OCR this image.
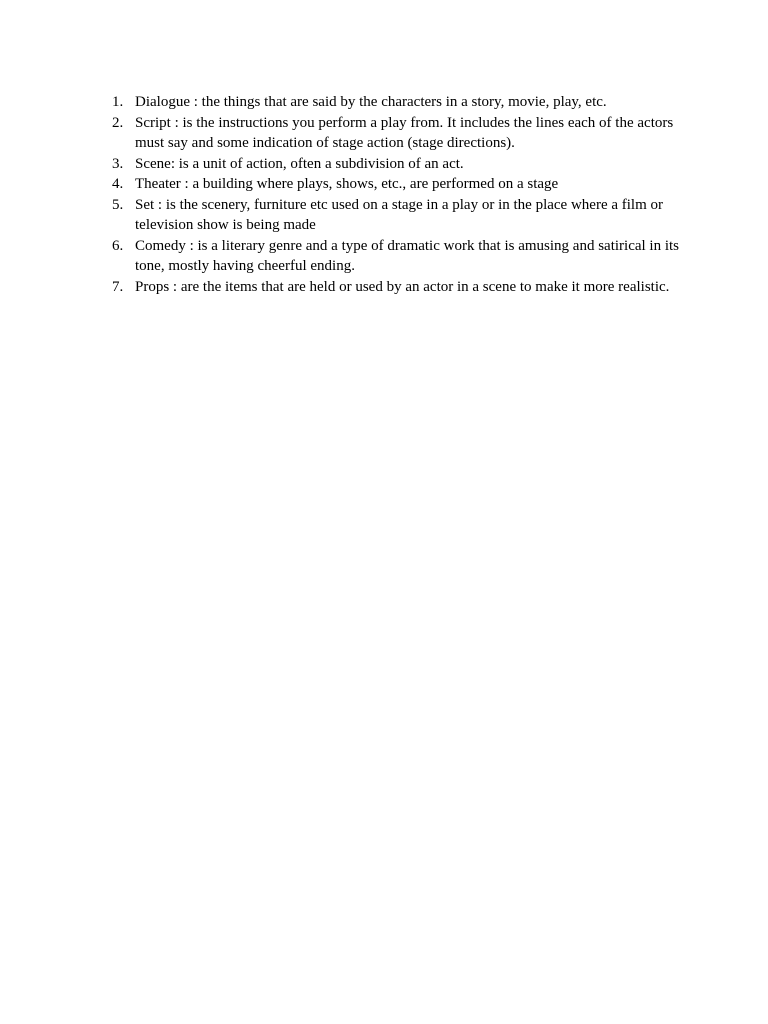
1. Dialogue : the things that are said by the characters in a story, movie, play, etc.
2. Script : is the instructions you perform a play from. It includes the lines each of the actors must say and some indication of stage action (stage directions).
3. Scene: is a unit of action, often a subdivision of an act.
4. Theater : a building where plays, shows, etc., are performed on a stage
5. Set : is the scenery, furniture etc used on a stage in a play or in the place where a film or television show is being made
6. Comedy : is a literary genre and a type of dramatic work that is amusing and satirical in its tone, mostly having cheerful ending.
7. Props : are the items that are held or used by an actor in a scene to make it more realistic.
